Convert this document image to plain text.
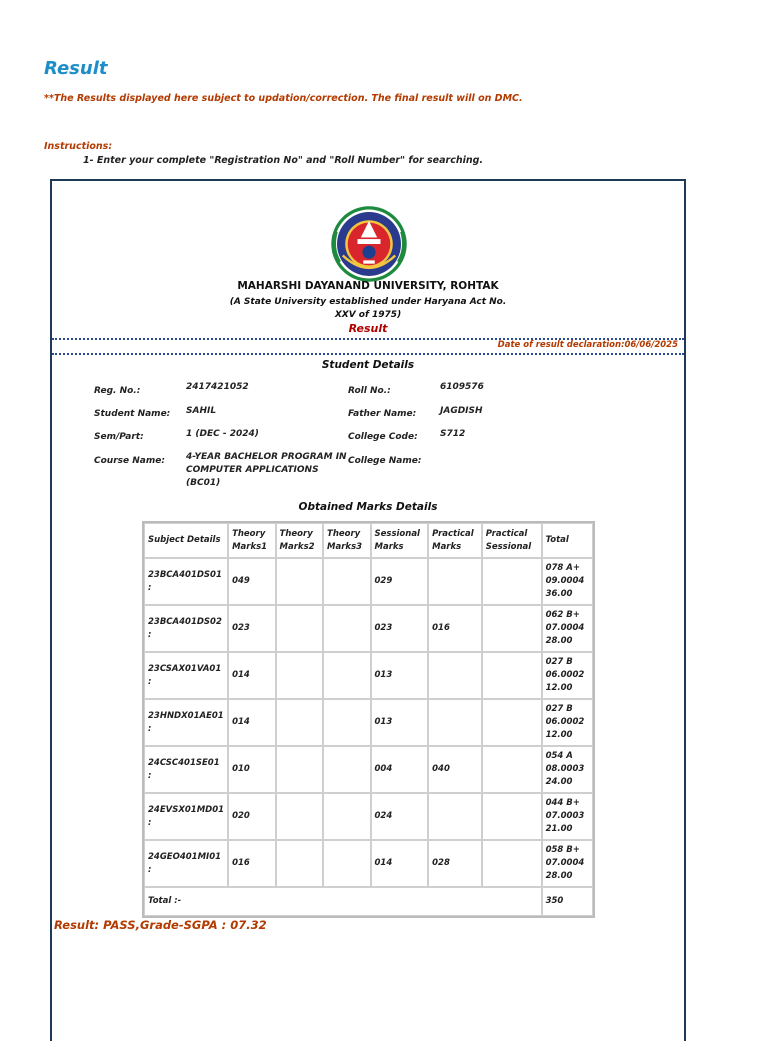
Result
**The Results displayed here subject to updation/correction. The final result will on DMC.
Instructions:
1- Enter your complete "Registration No" and "Roll Number" for searching.
MAHARSHI DAYANAND UNIVERSITY, ROHTAK
(A State University established under Haryana Act No. XXV of 1975)
Result
Date of result declaration:06/06/2025
Student Details
Reg. No.:	2417421052	Roll No.:	6109576
Student Name: SAHIL	Father Name:	JAGDISH
Sem/Part:	1 (DEC - 2024)	College Code: S712
Course Name: 4-YEAR BACHELOR PROGRAM IN COMPUTER APPLICATIONS (BC01)
College Name:
Obtained Marks Details
Subject Details	Theory Marks1	Theory Marks2	Theory Marks3	Sessional Marks	Practical Marks	Practical Sessional	Total
23BCA401DS01 :	049			029			078 A+
09.0004
36.00

23BCA401DS02 :	023			023	016		062 B+
07.0004
28.00

23CSAX01VA01 :	014			013			027 B
06.0002
12.00

23HNDX01AE01 :	014			013			027 B
06.0002
12.00

24CSC401SE01 :	010			004	040		054 A
08.0003
24.00

24EVSX01MD01 :	020			024			044 B+
07.0003
21.00

24GEO401MI01 :	016			014	028		058 B+
07.0004
28.00

Total :-							350
Result: PASS,Grade-SGPA : 07.32
